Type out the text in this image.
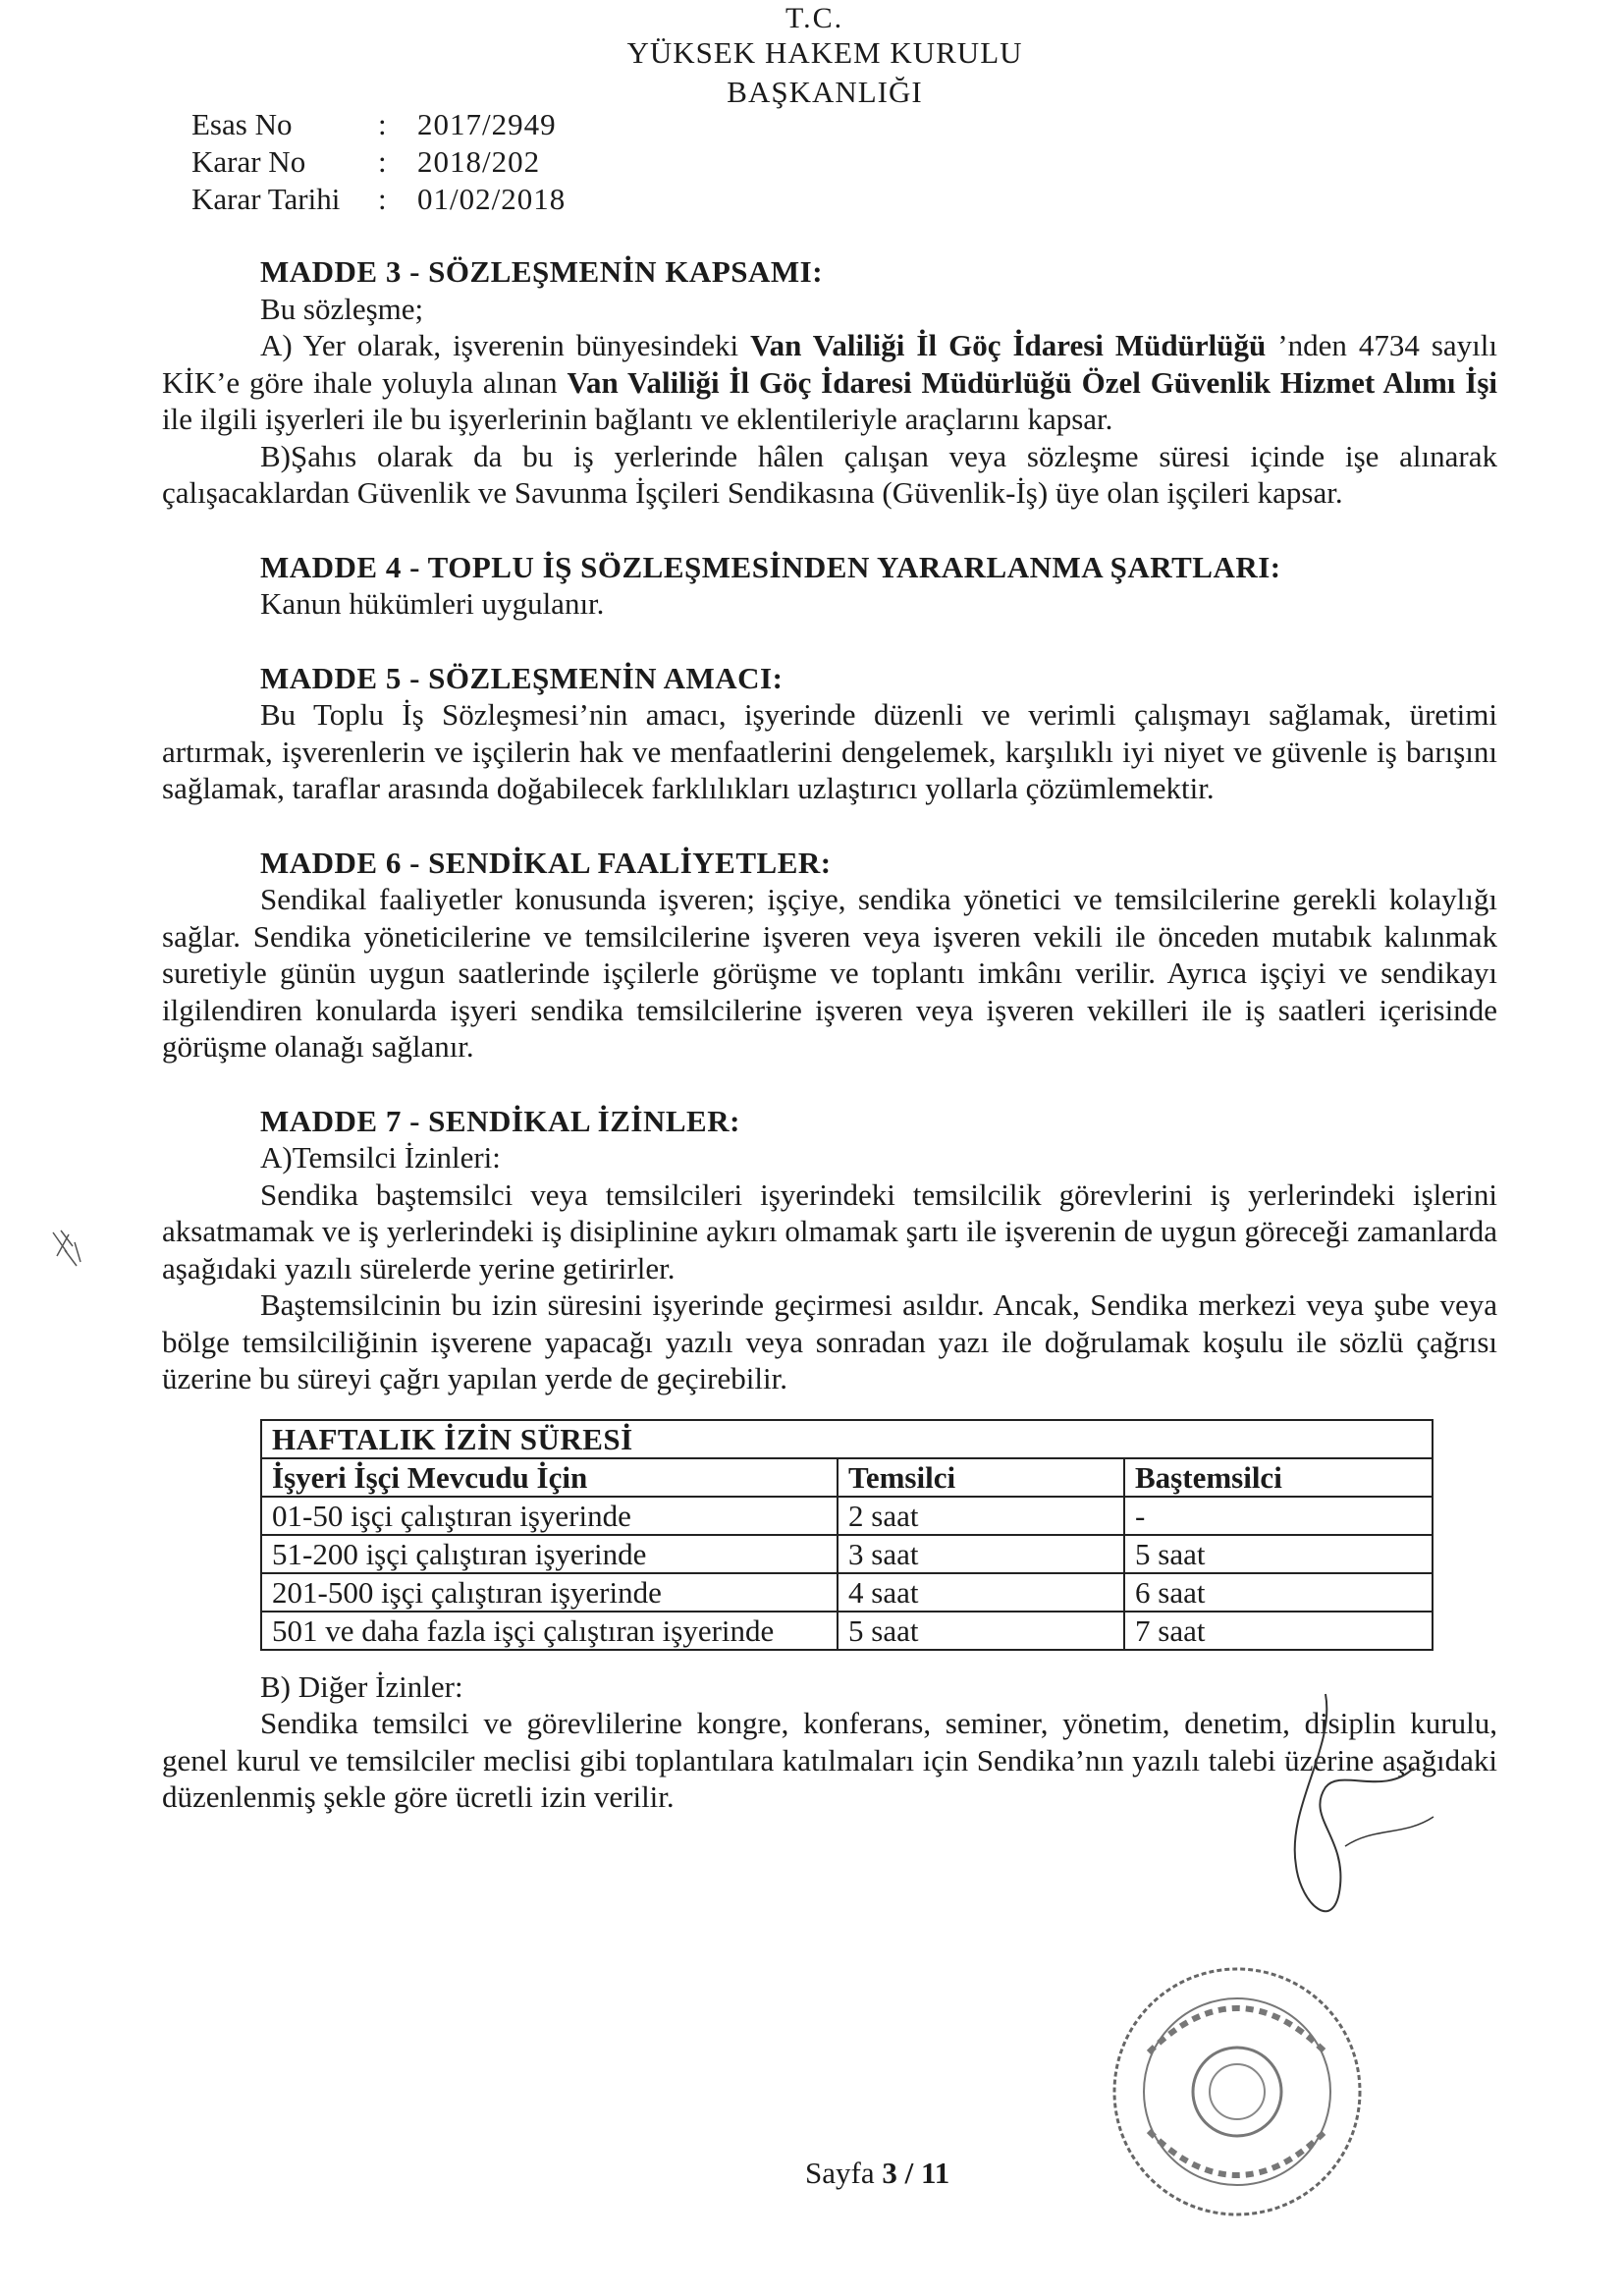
T.C.
YÜKSEK HAKEM KURULU
BAŞKANLIĞI
Esas No	:	2017/2949
Karar No	:	2018/202
Karar Tarihi	:	01/02/2018
MADDE 3 - SÖZLEŞMENİN KAPSAMI:

Bu sözleşme;

A) Yer olarak, işverenin bünyesindeki Van Valiliği İl Göç İdaresi Müdürlüğü ’nden 4734 sayılı KİK’e göre ihale yoluyla alınan Van Valiliği İl Göç İdaresi Müdürlüğü Özel Güvenlik Hizmet Alımı İşi ile ilgili işyerleri ile bu işyerlerinin bağlantı ve eklentileriyle araçlarını kapsar.

B)Şahıs olarak da bu iş yerlerinde hâlen çalışan veya sözleşme süresi içinde işe alınarak çalışacaklardan Güvenlik ve Savunma İşçileri Sendikasına (Güvenlik-İş) üye olan işçileri kapsar.

MADDE 4 - TOPLU İŞ SÖZLEŞMESİNDEN YARARLANMA ŞARTLARI:

Kanun hükümleri uygulanır.

MADDE 5 - SÖZLEŞMENİN AMACI:

Bu Toplu İş Sözleşmesi’nin amacı, işyerinde düzenli ve verimli çalışmayı sağlamak, üretimi artırmak, işverenlerin ve işçilerin hak ve menfaatlerini dengelemek, karşılıklı iyi niyet ve güvenle iş barışını sağlamak, taraflar arasında doğabilecek farklılıkları uzlaştırıcı yollarla çözümlemektir.

MADDE 6 - SENDİKAL FAALİYETLER:

Sendikal faaliyetler konusunda işveren; işçiye, sendika yönetici ve temsilcilerine gerekli kolaylığı sağlar. Sendika yöneticilerine ve temsilcilerine işveren veya işveren vekili ile önceden mutabık kalınmak suretiyle günün uygun saatlerinde işçilerle görüşme ve toplantı imkânı verilir. Ayrıca işçiyi ve sendikayı ilgilendiren konularda işyeri sendika temsilcilerine işveren veya işveren vekilleri ile iş saatleri içerisinde görüşme olanağı sağlanır.

MADDE 7 - SENDİKAL İZİNLER:

A)Temsilci İzinleri:

Sendika baştemsilci veya temsilcileri işyerindeki temsilcilik görevlerini iş yerlerindeki işlerini aksatmamak ve iş yerlerindeki iş disiplinine aykırı olmamak şartı ile işverenin de uygun göreceği zamanlarda aşağıdaki yazılı sürelerde yerine getirirler.

Baştemsilcinin bu izin süresini işyerinde geçirmesi asıldır. Ancak, Sendika merkezi veya şube veya bölge temsilciliğinin işverene yapacağı yazılı veya sonradan yazı ile doğrulamak koşulu ile sözlü çağrısı üzerine bu süreyi çağrı yapılan yerde de geçirebilir.

HAFTALIK İZİN SÜRESİ		
İşyeri İşçi Mevcudu İçin	Temsilci	Baştemsilci
01-50 işçi çalıştıran işyerinde	2 saat	-
51-200 işçi çalıştıran işyerinde	3 saat	5 saat
201-500 işçi çalıştıran işyerinde	4 saat	6 saat
501 ve daha fazla işçi çalıştıran işyerinde	5 saat	7 saat

B) Diğer İzinler:

Sendika temsilci ve görevlilerine kongre, konferans, seminer, yönetim, denetim, disiplin kurulu, genel kurul ve temsilciler meclisi gibi toplantılara katılmaları için Sendika’nın yazılı talebi üzerine aşağıdaki düzenlenmiş şekle göre ücretli izin verilir.

Sayfa 3 / 11
